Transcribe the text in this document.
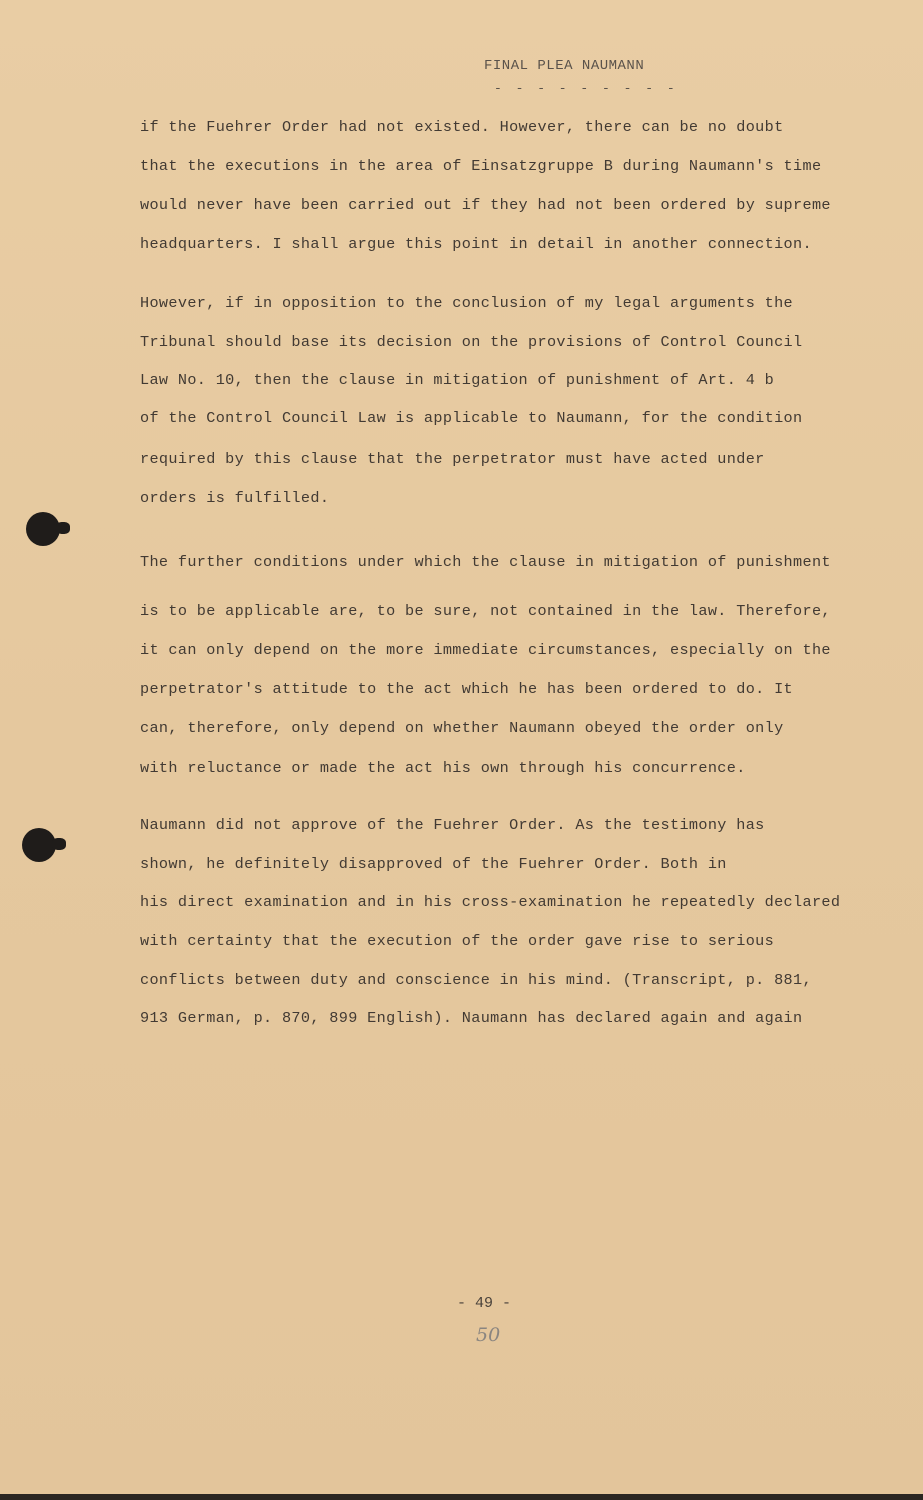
FINAL PLEA NAUMANN
- - - - - - - - -
if the Fuehrer Order had not existed. However, there can be no doubt
that the executions in the area of Einsatzgruppe B during Naumann's time
would never have been carried out if they had not been ordered by supreme
headquarters. I shall argue this point in detail in another connection.
However, if in opposition to the conclusion of my legal arguments the
Tribunal should base its decision on the provisions of Control Council
Law No. 10, then the clause in mitigation of punishment of Art. 4 b
of the Control Council Law is applicable to Naumann, for the condition
required by this clause that the perpetrator must have acted under
orders is fulfilled.
The further conditions under which the clause in mitigation of punishment
is to be applicable are, to be sure, not contained in the law. Therefore,
it can only depend on the more immediate circumstances, especially on the
perpetrator's attitude to the act which he has been ordered to do. It
can, therefore, only depend on whether Naumann obeyed the order only
with reluctance or made the act his own through his concurrence.
Naumann did not approve of the Fuehrer Order. As the testimony has
shown, he definitely disapproved of the Fuehrer Order. Both in
his direct examination and in his cross-examination he repeatedly declared
with certainty that the execution of the order gave rise to serious
conflicts between duty and conscience in his mind. (Transcript, p. 881,
913 German, p. 870, 899 English). Naumann has declared again and again
- 49 -
50
